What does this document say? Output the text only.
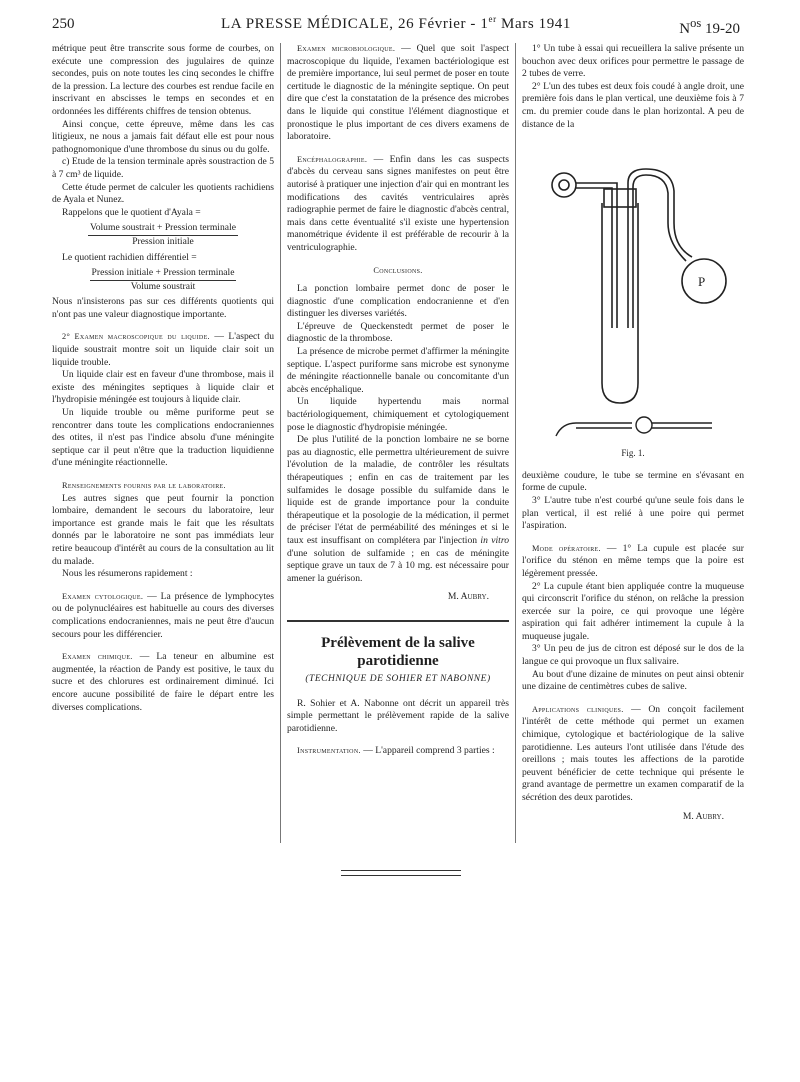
250	LA PRESSE MÉDICALE, 26 Février - 1er Mars 1941	$N^{os}$ 19-20

métrique peut être transcrite sous forme de courbes, on exécute une compression des jugulaires de quinze secondes, puis on note toutes les cinq secondes le chiffre de la pression. La lecture des courbes est rendue facile en inscrivant en abscisses le temps en secondes et en ordonnées les différents chiffres de tension obtenus.

Ainsi conçue, cette épreuve, même dans les cas litigieux, ne nous a jamais fait défaut elle est pour nous pathognomonique d'une thrombose du sinus ou du golfe.

c) Etude de la tension terminale après soustraction de 5 à 7 cm³ de liquide.

Cette étude permet de calculer les quotients rachidiens de Ayala et Nunez.

Rappelons que le quotient d'Ayala =

Volume soustrait + Pression terminale
Pression initiale

Le quotient rachidien différentiel =

Pression initiale + Pression terminale
Volume soustrait

Nous n'insisterons pas sur ces différents quotients qui n'ont pas une valeur diagnostique importante.

2° Examen macroscopique du liquide. — L'aspect du liquide soustrait montre soit un liquide clair soit un liquide trouble.

Un liquide clair est en faveur d'une thrombose, mais il existe des méningites septiques à liquide clair et l'hydropisie méningée est toujours à liquide clair.

Un liquide trouble ou même puriforme peut se rencontrer dans toute les complications endocraniennes des otites, il n'est pas l'indice absolu d'une méningite septique car il peut n'être que la traduction liquidienne d'une méningite réactionnelle.

Renseignements fournis par le laboratoire.

Les autres signes que peut fournir la ponction lombaire, demandent le secours du laboratoire, leur importance est grande mais le fait que les résultats donnés par le laboratoire ne sont pas immédiats leur retire beaucoup d'intérêt au cours de la consultation au lit du malade.

Nous les résumerons rapidement :

Examen cytologique. — La présence de lymphocytes ou de polynucléaires est habituelle au cours des diverses complications endocraniennes, mais ne peut être d'aucun secours pour les différencier.

Examen chimique. — La teneur en albumine est augmentée, la réaction de Pandy est positive, le taux du sucre et des chlorures est ordinairement diminué. Ici encore aucune possibilité de faire le départ entre les diverses complications.

Examen microbiologique. — Quel que soit l'aspect macroscopique du liquide, l'examen bactériologique est de première importance, lui seul permet de poser en toute certitude le diagnostic de la méningite septique. On peut dire que c'est la constatation de la présence des microbes dans le liquide qui constitue l'élément diagnostique et pronostique le plus important de ces divers examens de laboratoire.

Encéphalographie. — Enfin dans les cas suspects d'abcès du cerveau sans signes manifestes on peut être autorisé à pratiquer une injection d'air qui en montrant les modifications des cavités ventriculaires après radiographie permet de faire le diagnostic d'abcès central, mais dans cette éventualité s'il existe une hypertension manométrique évidente il est préférable de recourir à la ventriculographie.

Conclusions.

La ponction lombaire permet donc de poser le diagnostic d'une complication endocranienne et d'en distinguer les diverses variétés.

L'épreuve de Queckenstedt permet de poser le diagnostic de la thrombose.

La présence de microbe permet d'affirmer la méningite septique. L'aspect puriforme sans microbe est synonyme de méningite réactionnelle banale ou concomitante d'un abcès encéphalique.

Un liquide hypertendu mais normal bactériologiquement, chimiquement et cytologiquement pose le diagnostic d'hydropisie méningée.

De plus l'utilité de la ponction lombaire ne se borne pas au diagnostic, elle permettra ultérieurement de suivre l'évolution de la maladie, de contrôler les résultats thérapeutiques ; enfin en cas de traitement par les sulfamides le dosage possible du sulfamide dans le liquide est de grande importance pour la conduite thérapeutique et la posologie de la médication, il permet de préciser l'état de perméabilité des méninges et si le taux est insuffisant on complétera par l'injection in vitro d'une solution de sulfamide ; en cas de méningite septique grave un taux de 7 à 10 mg. est nécessaire pour amener la guérison.

M. Aubry.

Prélèvement de la salive parotidienne
(TECHNIQUE DE SOHIER ET NABONNE)

R. Sohier et A. Nabonne ont décrit un appareil très simple permettant le prélèvement rapide de la salive parotidienne.

Instrumentation. — L'appareil comprend 3 parties :

1° Un tube à essai qui recueillera la salive présente un bouchon avec deux orifices pour permettre le passage de 2 tubes de verre.

2° L'un des tubes est deux fois coudé à angle droit, une première fois dans le plan vertical, une deuxième fois à 7 cm. du premier coude dans le plan horizontal. A peu de distance de la

P
Fig. 1.

deuxième coudure, le tube se termine en s'évasant en forme de cupule.

3° L'autre tube n'est courbé qu'une seule fois dans le plan vertical, il est relié à une poire qui permet l'aspiration.

Mode opératoire. — 1° La cupule est placée sur l'orifice du sténon en même temps que la poire est légèrement pressée.

2° La cupule étant bien appliquée contre la muqueuse qui circonscrit l'orifice du sténon, on relâche la pression exercée sur la poire, ce qui provoque une légère aspiration qui fait adhérer intimement la cupule à la muqueuse jugale.

3° Un peu de jus de citron est déposé sur le dos de la langue ce qui provoque un flux salivaire.

Au bout d'une dizaine de minutes on peut ainsi obtenir une dizaine de centimètres cubes de salive.

Applications cliniques. — On conçoit facilement l'intérêt de cette méthode qui permet un examen chimique, cytologique et bactériologique de la salive parotidienne. Les auteurs l'ont utilisée dans l'étude des oreillons ; mais toutes les affections de la parotide peuvent bénéficier de cette technique qui présente le grand avantage de permettre un examen comparatif de la sécrétion des deux parotides.

M. Aubry.
